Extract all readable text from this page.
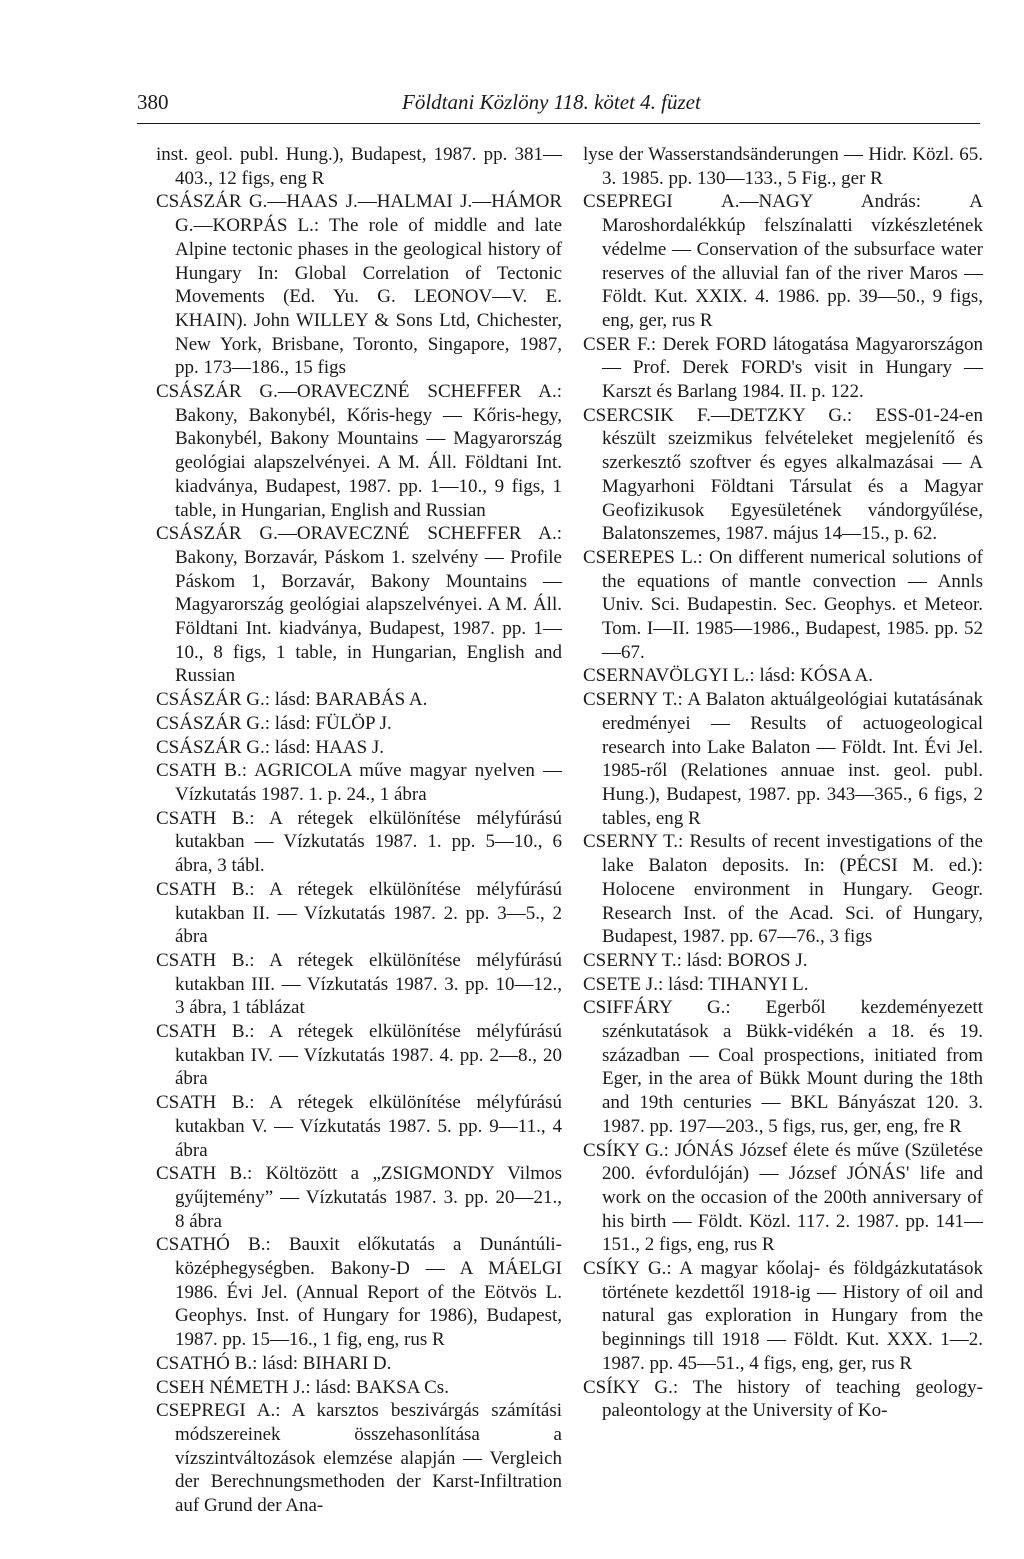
380	Földtani Közlöny 118. kötet 4. füzet

inst. geol. publ. Hung.), Budapest, 1987. pp. 381—403., 12 figs, eng R

CSÁSZÁR G.—HAAS J.—HALMAI J.—HÁMOR G.—KORPÁS L.: The role of middle and late Alpine tectonic phases in the geological history of Hungary In: Global Correlation of Tectonic Movements (Ed. Yu. G. LEONOV—V. E. KHAIN). John WILLEY & Sons Ltd, Chichester, New York, Brisbane, Toronto, Singapore, 1987, pp. 173—186., 15 figs

CSÁSZÁR G.—ORAVECZNÉ SCHEFFER A.: Bakony, Bakonybél, Kőris-hegy — Kőris-hegy, Bakonybél, Bakony Mountains — Magyarország geológiai alapszelvényei. A M. Áll. Földtani Int. kiadványa, Budapest, 1987. pp. 1—10., 9 figs, 1 table, in Hungarian, English and Russian

CSÁSZÁR G.—ORAVECZNÉ SCHEFFER A.: Bakony, Borzavár, Páskom 1. szelvény — Profile Páskom 1, Borzavár, Bakony Mountains — Magyarország geológiai alapszelvényei. A M. Áll. Földtani Int. kiadványa, Budapest, 1987. pp. 1—10., 8 figs, 1 table, in Hungarian, English and Russian

CSÁSZÁR G.: lásd: BARABÁS A.

CSÁSZÁR G.: lásd: FÜLÖP J.

CSÁSZÁR G.: lásd: HAAS J.

CSATH B.: AGRICOLA műve magyar nyelven — Vízkutatás 1987. 1. p. 24., 1 ábra

CSATH B.: A rétegek elkülönítése mélyfúrású kutakban — Vízkutatás 1987. 1. pp. 5—10., 6 ábra, 3 tábl.

CSATH B.: A rétegek elkülönítése mélyfúrású kutakban II. — Vízkutatás 1987. 2. pp. 3—5., 2 ábra

CSATH B.: A rétegek elkülönítése mélyfúrású kutakban III. — Vízkutatás 1987. 3. pp. 10—12., 3 ábra, 1 táblázat

CSATH B.: A rétegek elkülönítése mélyfúrású kutakban IV. — Vízkutatás 1987. 4. pp. 2—8., 20 ábra

CSATH B.: A rétegek elkülönítése mélyfúrású kutakban V. — Vízkutatás 1987. 5. pp. 9—11., 4 ábra

CSATH B.: Költözött a „ZSIGMONDY Vilmos gyűjtemény” — Vízkutatás 1987. 3. pp. 20—21., 8 ábra

CSATHÓ B.: Bauxit előkutatás a Dunántúli-középhegységben. Bakony-D — A MÁELGI 1986. Évi Jel. (Annual Report of the Eötvös L. Geophys. Inst. of Hungary for 1986), Budapest, 1987. pp. 15—16., 1 fig, eng, rus R

CSATHÓ B.: lásd: BIHARI D.

CSEH NÉMETH J.: lásd: BAKSA Cs.

CSEPREGI A.: A karsztos beszivárgás számítási módszereinek összehasonlítása a vízszintváltozások elemzése alapján — Vergleich der Berechnungsmethoden der Karst-Infiltration auf Grund der Ana-

lyse der Wasserstandsänderungen — Hidr. Közl. 65. 3. 1985. pp. 130—133., 5 Fig., ger R

CSEPREGI A.—NAGY András: A Maroshordalékkúp felszínalatti vízkészletének védelme — Conservation of the subsurface water reserves of the alluvial fan of the river Maros — Földt. Kut. XXIX. 4. 1986. pp. 39—50., 9 figs, eng, ger, rus R

CSER F.: Derek FORD látogatása Magyarországon — Prof. Derek FORD's visit in Hungary — Karszt és Barlang 1984. II. p. 122.

CSERCSIK F.—DETZKY G.: ESS-01-24-en készült szeizmikus felvételeket megjelenítő és szerkesztő szoftver és egyes alkalmazásai — A Magyarhoni Földtani Társulat és a Magyar Geofizikusok Egyesületének vándorgyűlése, Balatonszemes, 1987. május 14—15., p. 62.

CSEREPES L.: On different numerical solutions of the equations of mantle convection — Annls Univ. Sci. Budapestin. Sec. Geophys. et Meteor. Tom. I—II. 1985—1986., Budapest, 1985. pp. 52—67.

CSERNAVÖLGYI L.: lásd: KÓSA A.

CSERNY T.: A Balaton aktuálgeológiai kutatásának eredményei — Results of actuogeological research into Lake Balaton — Földt. Int. Évi Jel. 1985-ről (Relationes annuae inst. geol. publ. Hung.), Budapest, 1987. pp. 343—365., 6 figs, 2 tables, eng R

CSERNY T.: Results of recent investigations of the lake Balaton deposits. In: (PÉCSI M. ed.): Holocene environment in Hungary. Geogr. Research Inst. of the Acad. Sci. of Hungary, Budapest, 1987. pp. 67—76., 3 figs

CSERNY T.: lásd: BOROS J.

CSETE J.: lásd: TIHANYI L.

CSIFFÁRY G.: Egerből kezdeményezett szénkutatások a Bükk-vidékén a 18. és 19. században — Coal prospections, initiated from Eger, in the area of Bükk Mount during the 18th and 19th centuries — BKL Bányászat 120. 3. 1987. pp. 197—203., 5 figs, rus, ger, eng, fre R

CSÍKY G.: JÓNÁS József élete és műve (Születése 200. évfordulóján) — József JÓNÁS' life and work on the occasion of the 200th anniversary of his birth — Földt. Közl. 117. 2. 1987. pp. 141—151., 2 figs, eng, rus R

CSÍKY G.: A magyar kőolaj- és földgázkutatások története kezdettől 1918-ig — History of oil and natural gas exploration in Hungary from the beginnings till 1918 — Földt. Kut. XXX. 1—2. 1987. pp. 45—51., 4 figs, eng, ger, rus R

CSÍKY G.: The history of teaching geology-paleontology at the University of Ko-
